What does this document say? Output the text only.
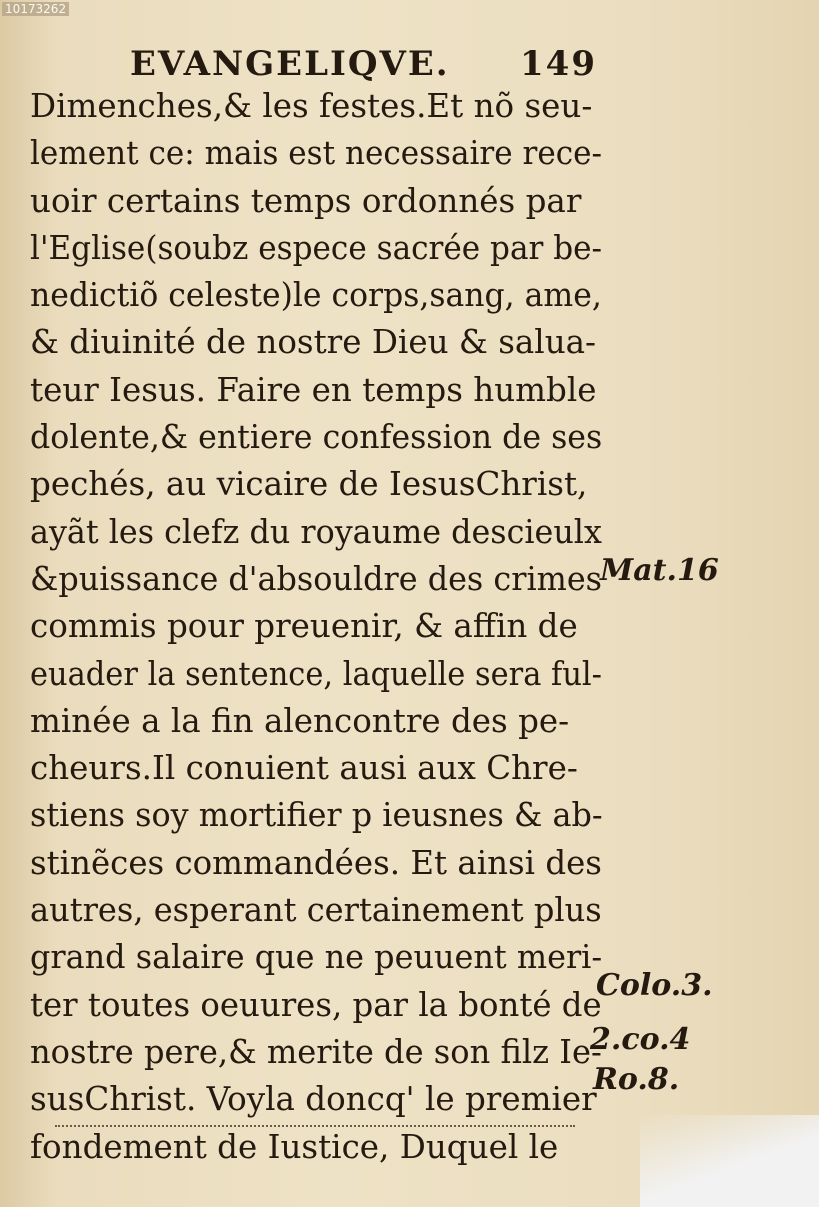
10173262
EVANGELIQVE. 149
Dimenches,& les festes.Et nõ seu-
lement ce: mais est necessaire rece-
uoir certains temps ordonnés par
l'Eglise(soubz espece sacrée par be-
nedictiõ celeste)le corps,sang, ame,
& diuinité de nostre Dieu & salua-
teur Iesus. Faire en temps humble
dolente,& entiere confession de ses
pechés, au vicaire de IesusChrist,
ayãt les clefz du royaume descieulx
&puissance d'absouldre des crimes
commis pour preuenir, & affin de
euader la sentence, laquelle sera ful-
minée a la fin alencontre des pe-
cheurs.Il conuient ausi aux Chre-
stiens soy mortifier p ieusnes & ab-
stinẽces commandées. Et ainsi des
autres, esperant certainement plus
grand salaire que ne peuuent meri-
ter toutes oeuures, par la bonté de
nostre pere,& merite de son filz Ie-
susChrist. Voyla doncq' le premier
fondement de Iustice, Duquel le
Mat.16
Colo.3.
2.co.4
Ro.8.
